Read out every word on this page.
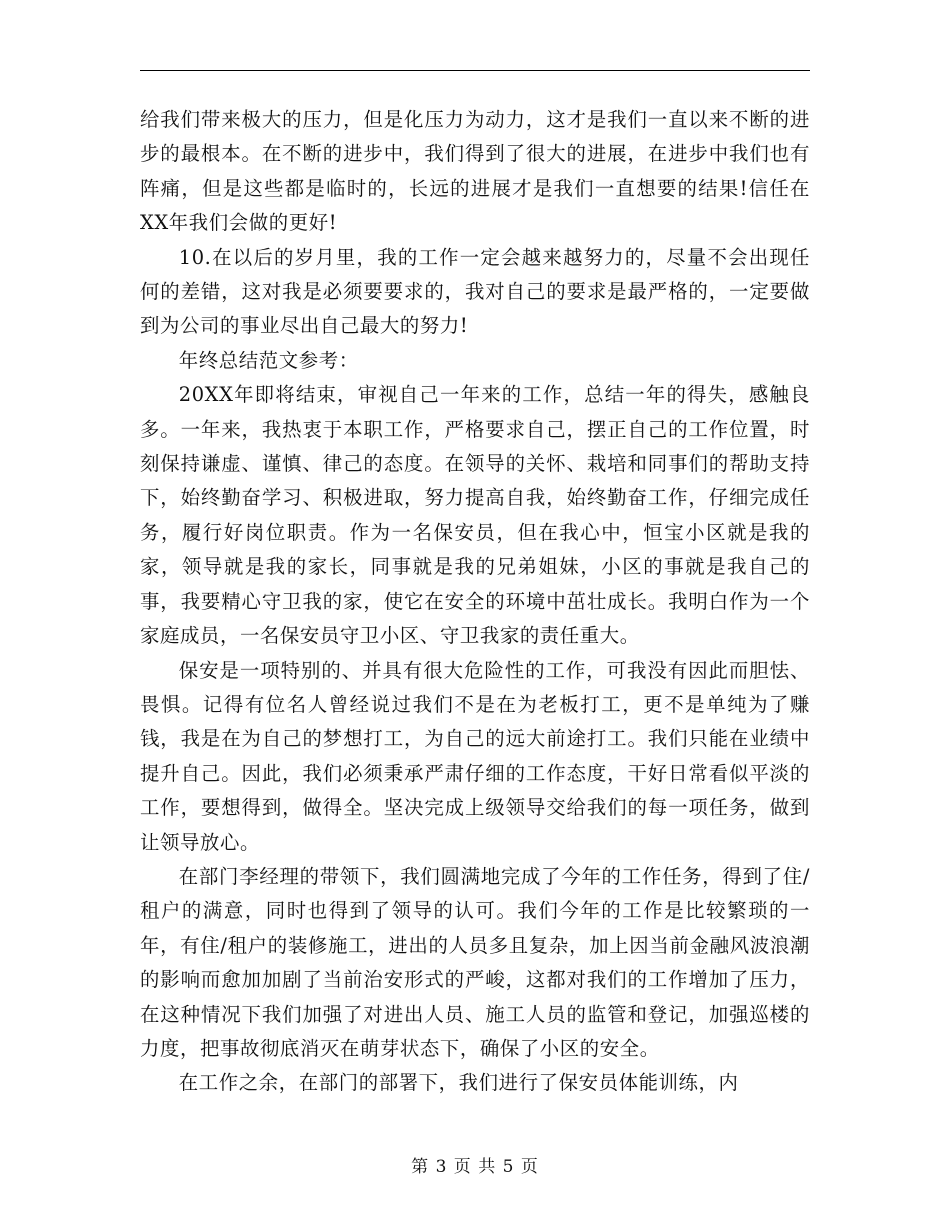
给我们带来极大的压力，但是化压力为动力，这才是我们一直以来不断的进步的最根本。在不断的进步中，我们得到了很大的进展，在进步中我们也有阵痛，但是这些都是临时的，长远的进展才是我们一直想要的结果!信任在XX年我们会做的更好!

10.在以后的岁月里，我的工作一定会越来越努力的，尽量不会出现任何的差错，这对我是必须要要求的，我对自己的要求是最严格的，一定要做到为公司的事业尽出自己最大的努力!

年终总结范文参考：

20XX年即将结束，审视自己一年来的工作，总结一年的得失，感触良多。一年来，我热衷于本职工作，严格要求自己，摆正自己的工作位置，时刻保持谦虚、谨慎、律己的态度。在领导的关怀、栽培和同事们的帮助支持下，始终勤奋学习、积极进取，努力提高自我，始终勤奋工作，仔细完成任务，履行好岗位职责。作为一名保安员，但在我心中，恒宝小区就是我的家，领导就是我的家长，同事就是我的兄弟姐妹，小区的事就是我自己的事，我要精心守卫我的家，使它在安全的环境中茁壮成长。我明白作为一个家庭成员，一名保安员守卫小区、守卫我家的责任重大。

保安是一项特别的、并具有很大危险性的工作，可我没有因此而胆怯、畏惧。记得有位名人曾经说过我们不是在为老板打工，更不是单纯为了赚钱，我是在为自己的梦想打工，为自己的远大前途打工。我们只能在业绩中提升自己。因此，我们必须秉承严肃仔细的工作态度，干好日常看似平淡的工作，要想得到，做得全。坚决完成上级领导交给我们的每一项任务，做到让领导放心。

在部门李经理的带领下，我们圆满地完成了今年的工作任务，得到了住/租户的满意，同时也得到了领导的认可。我们今年的工作是比较繁琐的一年，有住/租户的装修施工，进出的人员多且复杂，加上因当前金融风波浪潮的影响而愈加加剧了当前治安形式的严峻，这都对我们的工作增加了压力，在这种情况下我们加强了对进出人员、施工人员的监管和登记，加强巡楼的力度，把事故彻底消灭在萌芽状态下，确保了小区的安全。

在工作之余，在部门的部署下，我们进行了保安员体能训练，内

第 3 页 共 5 页
